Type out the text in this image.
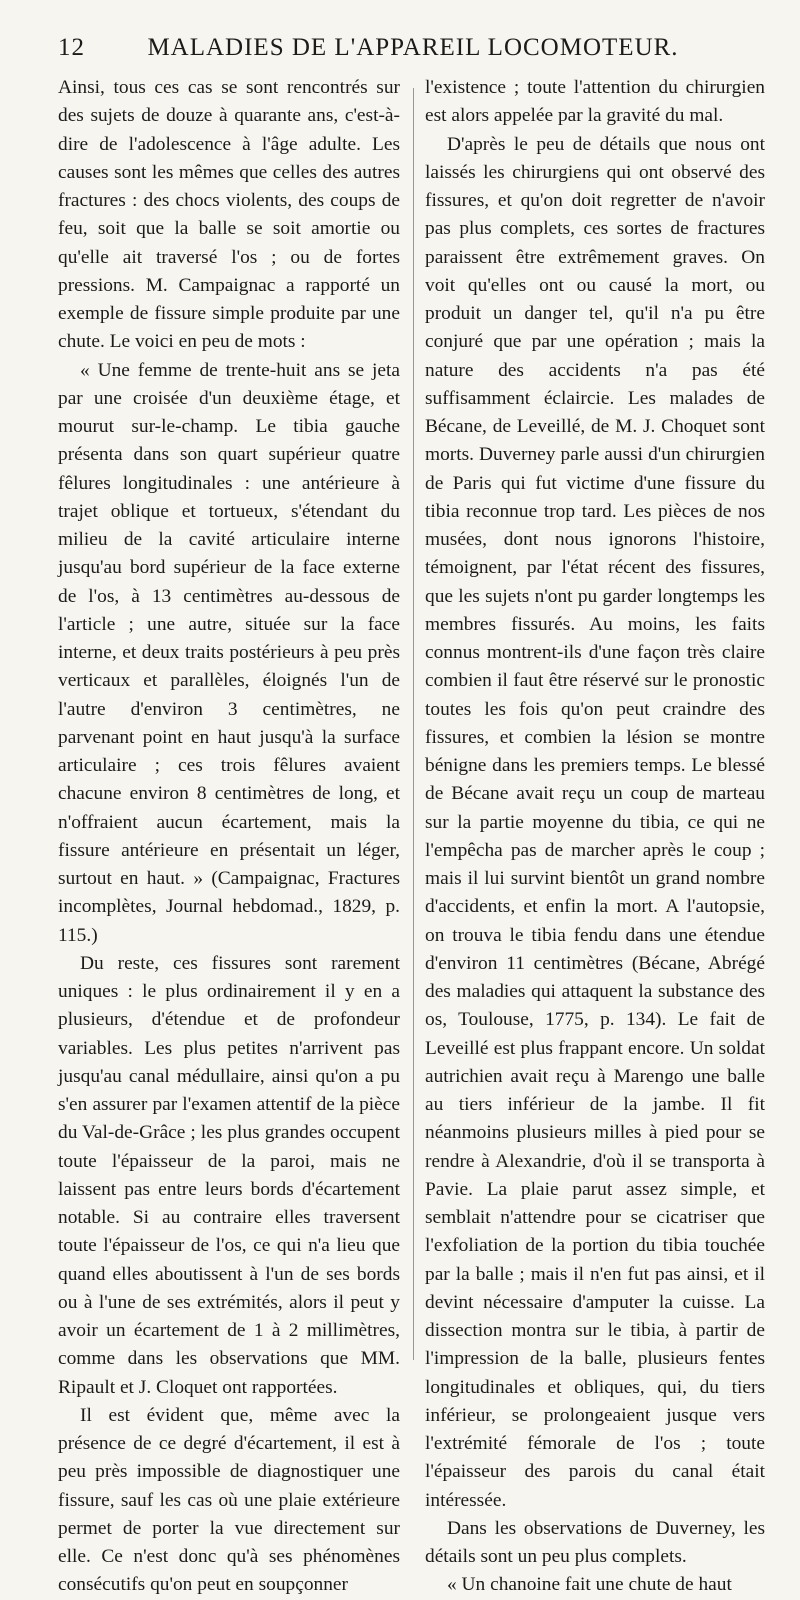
12	MALADIES DE L'APPAREIL LOCOMOTEUR.

Ainsi, tous ces cas se sont rencontrés sur des sujets de douze à quarante ans, c'est-à-dire de l'adolescence à l'âge adulte. Les causes sont les mêmes que celles des autres fractures : des chocs violents, des coups de feu, soit que la balle se soit amortie ou qu'elle ait traversé l'os ; ou de fortes pressions. M. Campaignac a rapporté un exemple de fissure simple produite par une chute. Le voici en peu de mots :

« Une femme de trente-huit ans se jeta par une croisée d'un deuxième étage, et mourut sur-le-champ. Le tibia gauche présenta dans son quart supérieur quatre fêlures longitudinales : une antérieure à trajet oblique et tortueux, s'étendant du milieu de la cavité articulaire interne jusqu'au bord supérieur de la face externe de l'os, à 13 centimètres au-dessous de l'article ; une autre, située sur la face interne, et deux traits postérieurs à peu près verticaux et parallèles, éloignés l'un de l'autre d'environ 3 centimètres, ne parvenant point en haut jusqu'à la surface articulaire ; ces trois fêlures avaient chacune environ 8 centimètres de long, et n'offraient aucun écartement, mais la fissure antérieure en présentait un léger, surtout en haut. » (Campaignac, Fractures incomplètes, Journal hebdomad., 1829, p. 115.)

Du reste, ces fissures sont rarement uniques : le plus ordinairement il y en a plusieurs, d'étendue et de profondeur variables. Les plus petites n'arrivent pas jusqu'au canal médullaire, ainsi qu'on a pu s'en assurer par l'examen attentif de la pièce du Val-de-Grâce ; les plus grandes occupent toute l'épaisseur de la paroi, mais ne laissent pas entre leurs bords d'écartement notable. Si au contraire elles traversent toute l'épaisseur de l'os, ce qui n'a lieu que quand elles aboutissent à l'un de ses bords ou à l'une de ses extrémités, alors il peut y avoir un écartement de 1 à 2 millimètres, comme dans les observations que MM. Ripault et J. Cloquet ont rapportées.

Il est évident que, même avec la présence de ce degré d'écartement, il est à peu près impossible de diagnostiquer une fissure, sauf les cas où une plaie extérieure permet de porter la vue directement sur elle. Ce n'est donc qu'à ses phénomènes consécutifs qu'on peut en soupçonner

l'existence ; toute l'attention du chirurgien est alors appelée par la gravité du mal.

D'après le peu de détails que nous ont laissés les chirurgiens qui ont observé des fissures, et qu'on doit regretter de n'avoir pas plus complets, ces sortes de fractures paraissent être extrêmement graves. On voit qu'elles ont ou causé la mort, ou produit un danger tel, qu'il n'a pu être conjuré que par une opération ; mais la nature des accidents n'a pas été suffisamment éclaircie. Les malades de Bécane, de Leveillé, de M. J. Choquet sont morts. Duverney parle aussi d'un chirurgien de Paris qui fut victime d'une fissure du tibia reconnue trop tard. Les pièces de nos musées, dont nous ignorons l'histoire, témoignent, par l'état récent des fissures, que les sujets n'ont pu garder longtemps les membres fissurés. Au moins, les faits connus montrent-ils d'une façon très claire combien il faut être réservé sur le pronostic toutes les fois qu'on peut craindre des fissures, et combien la lésion se montre bénigne dans les premiers temps. Le blessé de Bécane avait reçu un coup de marteau sur la partie moyenne du tibia, ce qui ne l'empêcha pas de marcher après le coup ; mais il lui survint bientôt un grand nombre d'accidents, et enfin la mort. A l'autopsie, on trouva le tibia fendu dans une étendue d'environ 11 centimètres (Bécane, Abrégé des maladies qui attaquent la substance des os, Toulouse, 1775, p. 134). Le fait de Leveillé est plus frappant encore. Un soldat autrichien avait reçu à Marengo une balle au tiers inférieur de la jambe. Il fit néanmoins plusieurs milles à pied pour se rendre à Alexandrie, d'où il se transporta à Pavie. La plaie parut assez simple, et semblait n'attendre pour se cicatriser que l'exfoliation de la portion du tibia touchée par la balle ; mais il n'en fut pas ainsi, et il devint nécessaire d'amputer la cuisse. La dissection montra sur le tibia, à partir de l'impression de la balle, plusieurs fentes longitudinales et obliques, qui, du tiers inférieur, se prolongeaient jusque vers l'extrémité fémorale de l'os ; toute l'épaisseur des parois du canal était intéressée.

Dans les observations de Duverney, les détails sont un peu plus complets.

« Un chanoine fait une chute de haut
